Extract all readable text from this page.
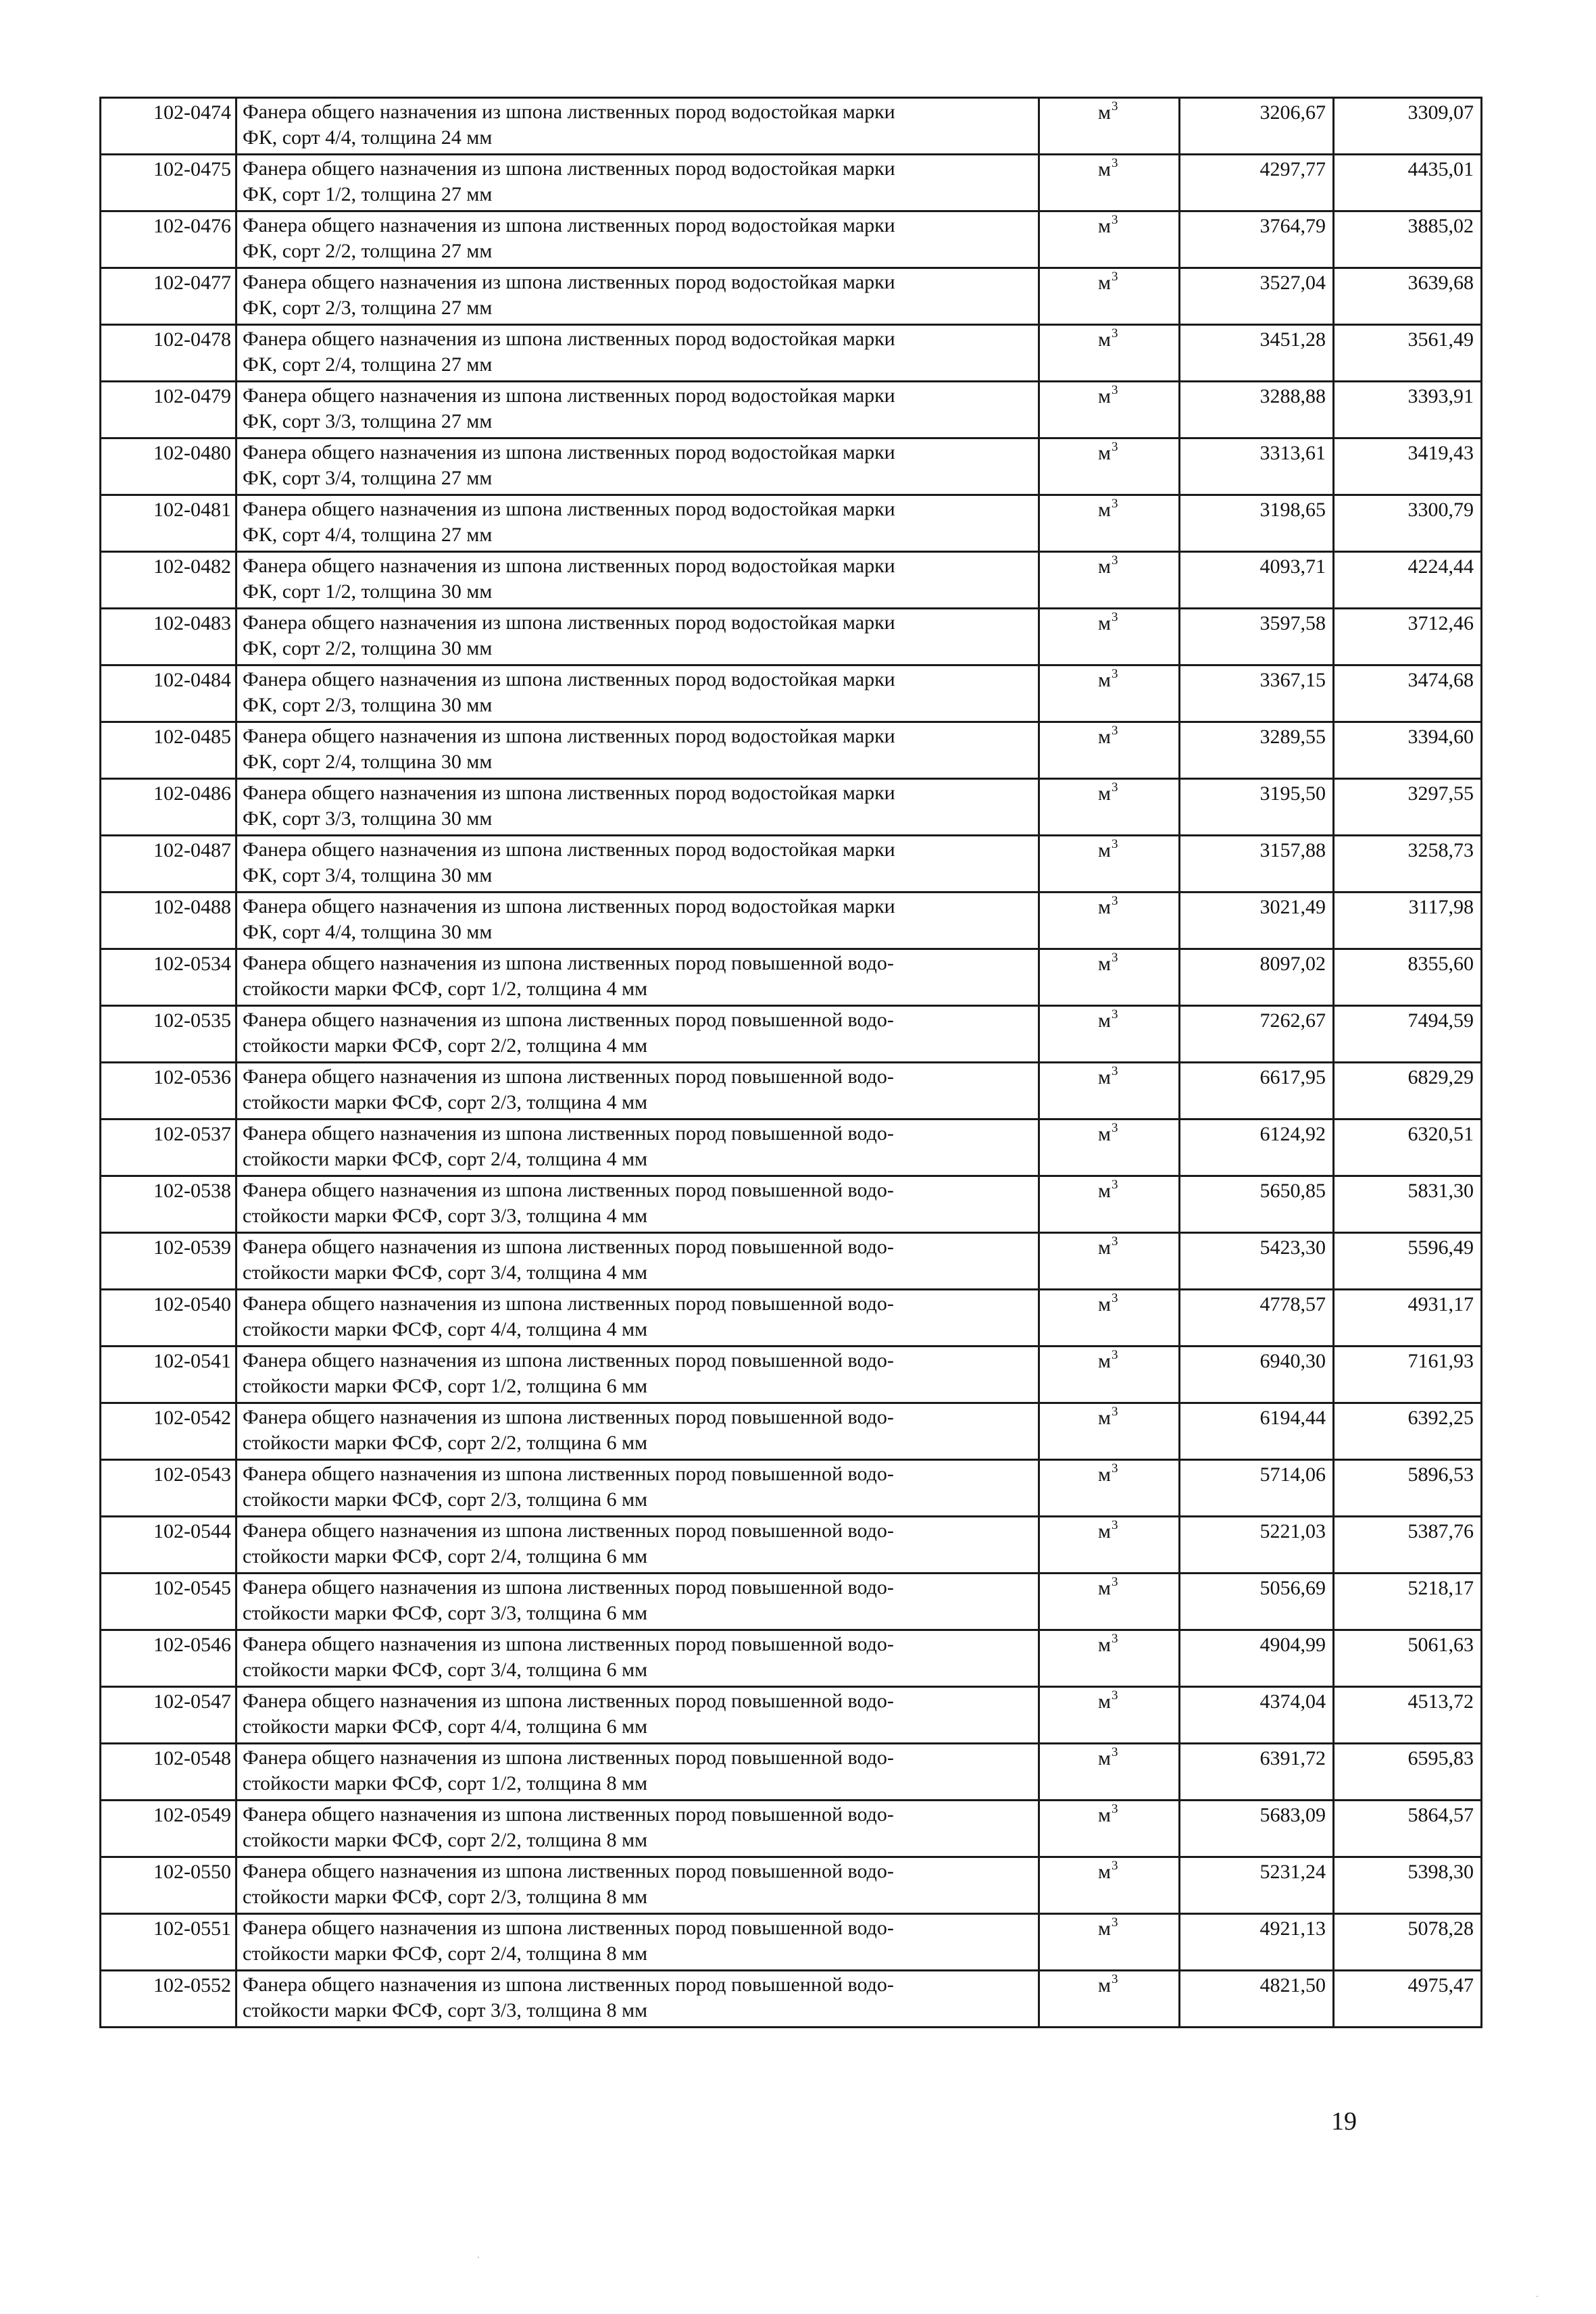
102-0474	Фанера общего назначения из шпона лиственных пород водостойкая марки
ФК, сорт 4/4, толщина 24 мм	$м^3$	3206,67	3309,07
102-0475	Фанера общего назначения из шпона лиственных пород водостойкая марки
ФК, сорт 1/2, толщина 27 мм	$м^3$	4297,77	4435,01
102-0476	Фанера общего назначения из шпона лиственных пород водостойкая марки
ФК, сорт 2/2, толщина 27 мм	$м^3$	3764,79	3885,02
102-0477	Фанера общего назначения из шпона лиственных пород водостойкая марки
ФК, сорт 2/3, толщина 27 мм	$м^3$	3527,04	3639,68
102-0478	Фанера общего назначения из шпона лиственных пород водостойкая марки
ФК, сорт 2/4, толщина 27 мм	$м^3$	3451,28	3561,49
102-0479	Фанера общего назначения из шпона лиственных пород водостойкая марки
ФК, сорт 3/3, толщина 27 мм	$м^3$	3288,88	3393,91
102-0480	Фанера общего назначения из шпона лиственных пород водостойкая марки
ФК, сорт 3/4, толщина 27 мм	$м^3$	3313,61	3419,43
102-0481	Фанера общего назначения из шпона лиственных пород водостойкая марки
ФК, сорт 4/4, толщина 27 мм	$м^3$	3198,65	3300,79
102-0482	Фанера общего назначения из шпона лиственных пород водостойкая марки
ФК, сорт 1/2, толщина 30 мм	$м^3$	4093,71	4224,44
102-0483	Фанера общего назначения из шпона лиственных пород водостойкая марки
ФК, сорт 2/2, толщина 30 мм	$м^3$	3597,58	3712,46
102-0484	Фанера общего назначения из шпона лиственных пород водостойкая марки
ФК, сорт 2/3, толщина 30 мм	$м^3$	3367,15	3474,68
102-0485	Фанера общего назначения из шпона лиственных пород водостойкая марки
ФК, сорт 2/4, толщина 30 мм	$м^3$	3289,55	3394,60
102-0486	Фанера общего назначения из шпона лиственных пород водостойкая марки
ФК, сорт 3/3, толщина 30 мм	$м^3$	3195,50	3297,55
102-0487	Фанера общего назначения из шпона лиственных пород водостойкая марки
ФК, сорт 3/4, толщина 30 мм	$м^3$	3157,88	3258,73
102-0488	Фанера общего назначения из шпона лиственных пород водостойкая марки
ФК, сорт 4/4, толщина 30 мм	$м^3$	3021,49	3117,98
102-0534	Фанера общего назначения из шпона лиственных пород повышенной водо-
стойкости марки ФСФ, сорт 1/2, толщина 4 мм	$м^3$	8097,02	8355,60
102-0535	Фанера общего назначения из шпона лиственных пород повышенной водо-
стойкости марки ФСФ, сорт 2/2, толщина 4 мм	$м^3$	7262,67	7494,59
102-0536	Фанера общего назначения из шпона лиственных пород повышенной водо-
стойкости марки ФСФ, сорт 2/3, толщина 4 мм	$м^3$	6617,95	6829,29
102-0537	Фанера общего назначения из шпона лиственных пород повышенной водо-
стойкости марки ФСФ, сорт 2/4, толщина 4 мм	$м^3$	6124,92	6320,51
102-0538	Фанера общего назначения из шпона лиственных пород повышенной водо-
стойкости марки ФСФ, сорт 3/3, толщина 4 мм	$м^3$	5650,85	5831,30
102-0539	Фанера общего назначения из шпона лиственных пород повышенной водо-
стойкости марки ФСФ, сорт 3/4, толщина 4 мм	$м^3$	5423,30	5596,49
102-0540	Фанера общего назначения из шпона лиственных пород повышенной водо-
стойкости марки ФСФ, сорт 4/4, толщина 4 мм	$м^3$	4778,57	4931,17
102-0541	Фанера общего назначения из шпона лиственных пород повышенной водо-
стойкости марки ФСФ, сорт 1/2, толщина 6 мм	$м^3$	6940,30	7161,93
102-0542	Фанера общего назначения из шпона лиственных пород повышенной водо-
стойкости марки ФСФ, сорт 2/2, толщина 6 мм	$м^3$	6194,44	6392,25
102-0543	Фанера общего назначения из шпона лиственных пород повышенной водо-
стойкости марки ФСФ, сорт 2/3, толщина 6 мм	$м^3$	5714,06	5896,53
102-0544	Фанера общего назначения из шпона лиственных пород повышенной водо-
стойкости марки ФСФ, сорт 2/4, толщина 6 мм	$м^3$	5221,03	5387,76
102-0545	Фанера общего назначения из шпона лиственных пород повышенной водо-
стойкости марки ФСФ, сорт 3/3, толщина 6 мм	$м^3$	5056,69	5218,17
102-0546	Фанера общего назначения из шпона лиственных пород повышенной водо-
стойкости марки ФСФ, сорт 3/4, толщина 6 мм	$м^3$	4904,99	5061,63
102-0547	Фанера общего назначения из шпона лиственных пород повышенной водо-
стойкости марки ФСФ, сорт 4/4, толщина 6 мм	$м^3$	4374,04	4513,72
102-0548	Фанера общего назначения из шпона лиственных пород повышенной водо-
стойкости марки ФСФ, сорт 1/2, толщина 8 мм	$м^3$	6391,72	6595,83
102-0549	Фанера общего назначения из шпона лиственных пород повышенной водо-
стойкости марки ФСФ, сорт 2/2, толщина 8 мм	$м^3$	5683,09	5864,57
102-0550	Фанера общего назначения из шпона лиственных пород повышенной водо-
стойкости марки ФСФ, сорт 2/3, толщина 8 мм	$м^3$	5231,24	5398,30
102-0551	Фанера общего назначения из шпона лиственных пород повышенной водо-
стойкости марки ФСФ, сорт 2/4, толщина 8 мм	$м^3$	4921,13	5078,28
102-0552	Фанера общего назначения из шпона лиственных пород повышенной водо-
стойкости марки ФСФ, сорт 3/3, толщина 8 мм	$м^3$	4821,50	4975,47
19
